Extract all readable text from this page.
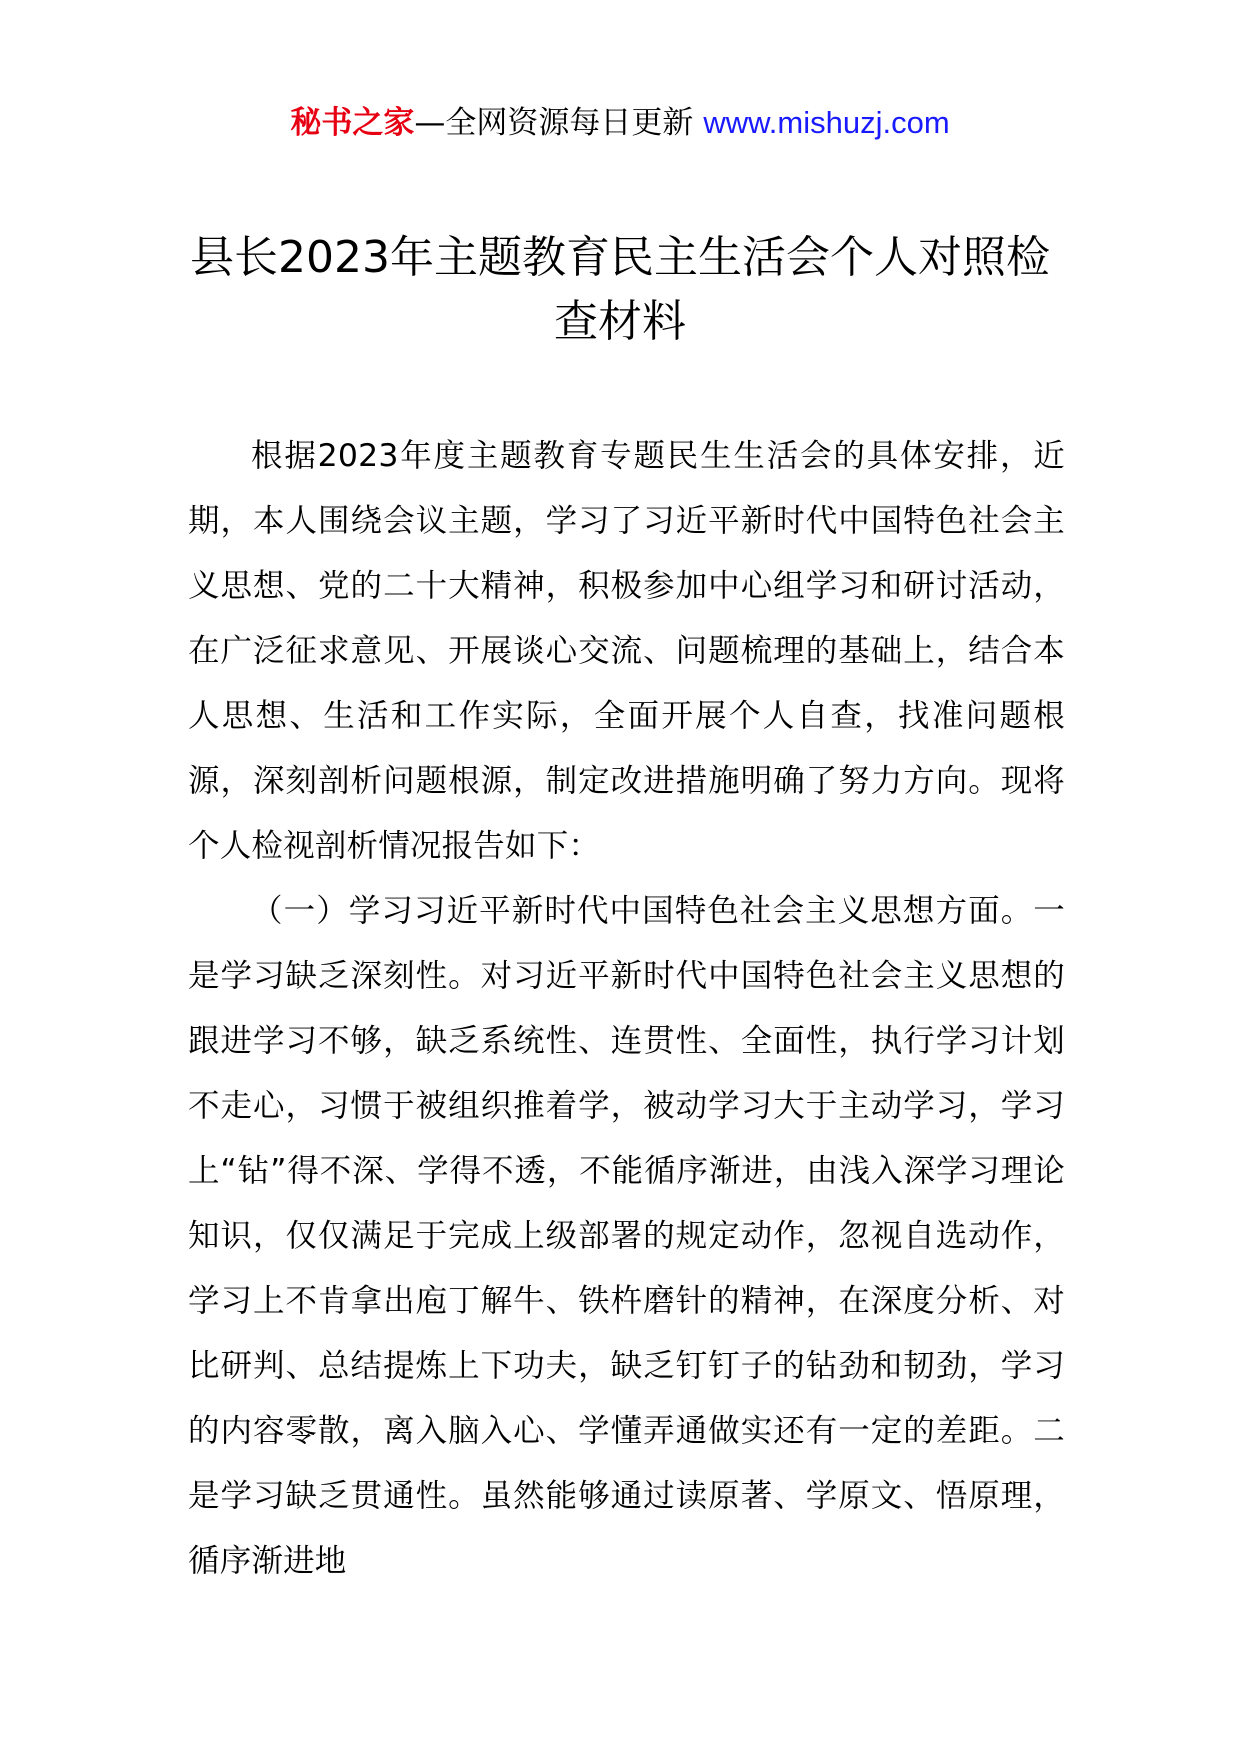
秘书之家—全网资源每日更新 www.mishuzj.com
县长2023年主题教育民主生活会个人对照检查材料

根据2023年度主题教育专题民生生活会的具体安排，近期，本人围绕会议主题，学习了习近平新时代中国特色社会主义思想、党的二十大精神，积极参加中心组学习和研讨活动，在广泛征求意见、开展谈心交流、问题梳理的基础上，结合本人思想、生活和工作实际，全面开展个人自查，找准问题根源，深刻剖析问题根源，制定改进措施明确了努力方向。现将个人检视剖析情况报告如下：

（一）学习习近平新时代中国特色社会主义思想方面。一是学习缺乏深刻性。对习近平新时代中国特色社会主义思想的跟进学习不够，缺乏系统性、连贯性、全面性，执行学习计划不走心，习惯于被组织推着学，被动学习大于主动学习，学习上“钻”得不深、学得不透，不能循序渐进，由浅入深学习理论知识，仅仅满足于完成上级部署的规定动作，忽视自选动作，学习上不肯拿出庖丁解牛、铁杵磨针的精神，在深度分析、对比研判、总结提炼上下功夫，缺乏钉钉子的钻劲和韧劲，学习的内容零散，离入脑入心、学懂弄通做实还有一定的差距。二是学习缺乏贯通性。虽然能够通过读原著、学原文、悟原理，循序渐进地
